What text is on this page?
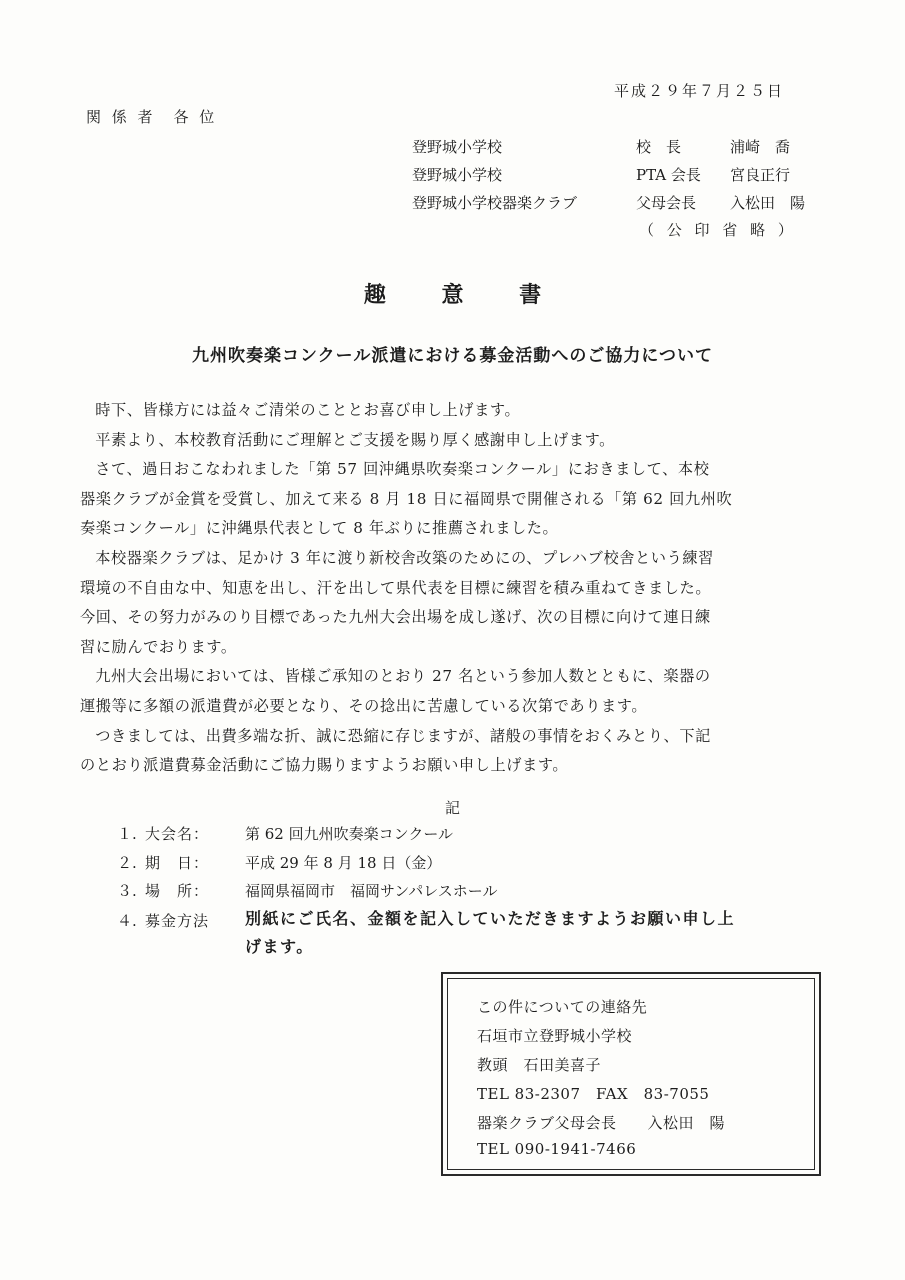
平成２９年７月２５日
関 係 者　各 位
登野城小学校	校　長	浦崎　喬
登野城小学校	PTA 会長 宮良正行
登野城小学校器楽クラブ	父母会長 入松田　陽
（ 公 印 省 略 ）
趣 意 書
九州吹奏楽コンクール派遣における募金活動へのご協力について

時下、皆様方には益々ご清栄のこととお喜び申し上げます。

平素より、本校教育活動にご理解とご支援を賜り厚く感謝申し上げます。

さて、過日おこなわれました「第 57 回沖縄県吹奏楽コンクール」におきまして、本校

器楽クラブが金賞を受賞し、加えて来る 8 月 18 日に福岡県で開催される「第 62 回九州吹

奏楽コンクール」に沖縄県代表として 8 年ぶりに推薦されました。

本校器楽クラブは、足かけ 3 年に渡り新校舎改築のためにの、プレハブ校舎という練習

環境の不自由な中、知恵を出し、汗を出して県代表を目標に練習を積み重ねてきました。

今回、その努力がみのり目標であった九州大会出場を成し遂げ、次の目標に向けて連日練

習に励んでおります。

九州大会出場においては、皆様ご承知のとおり 27 名という参加人数とともに、楽器の

運搬等に多額の派遣費が必要となり、その捻出に苦慮している次第であります。

つきましては、出費多端な折、誠に恐縮に存じますが、諸般の事情をおくみとり、下記

のとおり派遣費募金活動にご協力賜りますようお願い申し上げます。

記
１. 大会名： 第 62 回九州吹奏楽コンクール
２. 期　日： 平成 29 年 8 月 18 日（金）
３. 場　所： 福岡県福岡市　福岡サンパレスホール
４. 募金方法 別紙にご氏名、金額を記入していただきますようお願い申し上
げます。
この件についての連絡先
石垣市立登野城小学校
教頭　石田美喜子
TEL 83-2307　FAX　83-7055
器楽クラブ父母会長　　入松田　陽
TEL 090-1941-7466
